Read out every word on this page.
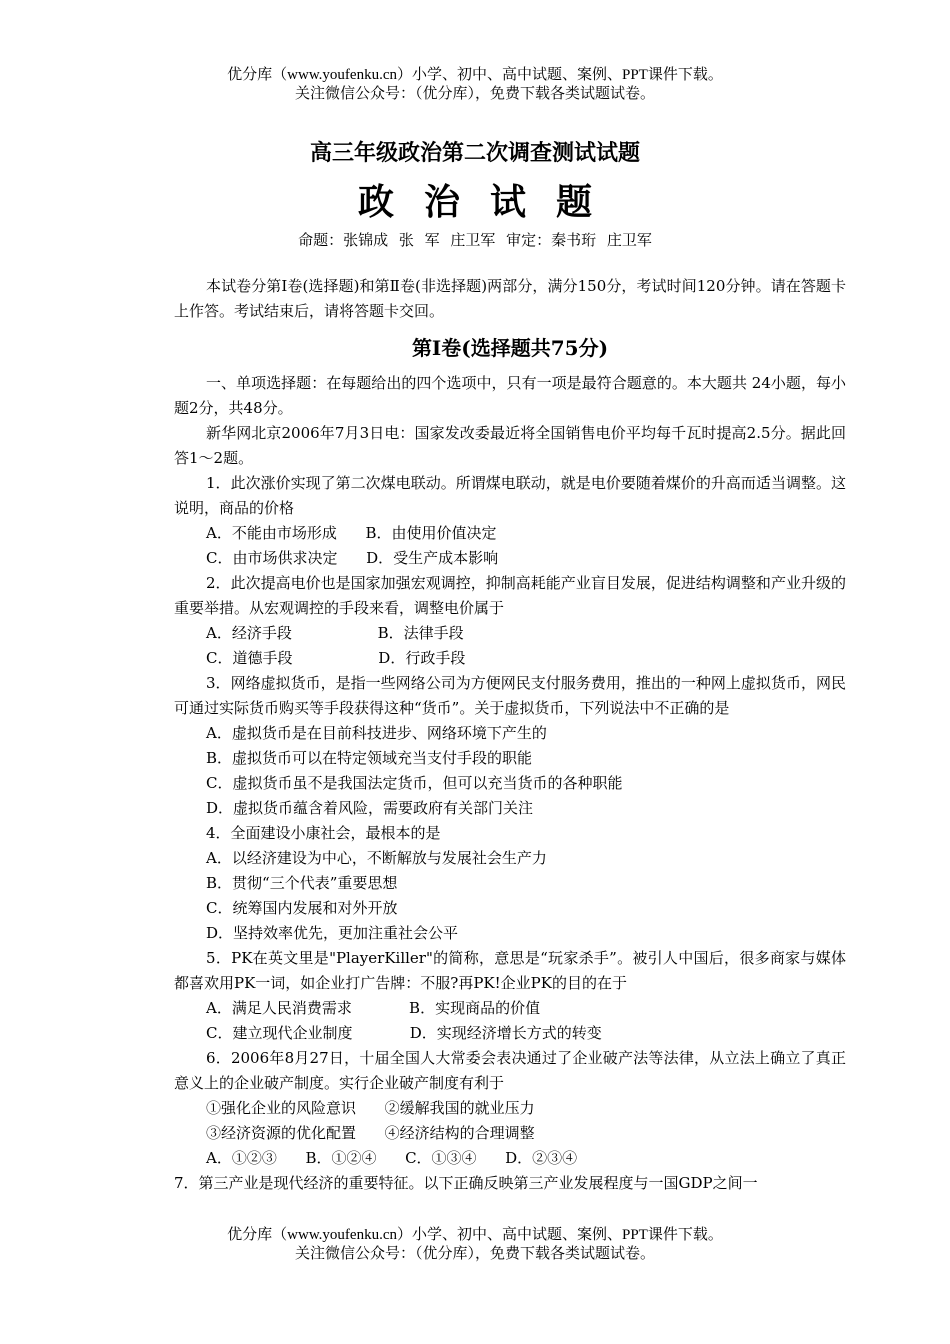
优分库（www.youfenku.cn）小学、初中、高中试题、案例、PPT课件下载。
关注微信公众号：（优分库），免费下载各类试题试卷。
高三年级政治第二次调查测试试题
政治试题
命题：张锦成 张 军 庄卫军 审定：秦书珩 庄卫军

本试卷分第Ⅰ卷(选择题)和第Ⅱ卷(非选择题)两部分，满分150分，考试时间120分钟。请在答题卡上作答。考试结束后，请将答题卡交回。

第Ⅰ卷(选择题共75分)

一、单项选择题：在每题给出的四个选项中，只有一项是最符合题意的。本大题共 24小题，每小题2分，共48分。

新华网北京2006年7月3日电：国家发改委最近将全国销售电价平均每千瓦时提高2.5分。据此回答1～2题。

1．此次涨价实现了第二次煤电联动。所谓煤电联动，就是电价要随着煤价的升高而适当调整。这说明，商品的价格

A．不能由市场形成      B．由使用价值决定

C．由市场供求决定      D．受生产成本影响

2．此次提高电价也是国家加强宏观调控，抑制高耗能产业盲目发展，促进结构调整和产业升级的重要举措。从宏观调控的手段来看，调整电价属于

A．经济手段                  B．法律手段

C．道德手段                  D．行政手段

3．网络虚拟货币，是指一些网络公司为方便网民支付服务费用，推出的一种网上虚拟货币，网民可通过实际货币购买等手段获得这种“货币”。关于虚拟货币，下列说法中不正确的是

A．虚拟货币是在目前科技进步、网络环境下产生的

B．虚拟货币可以在特定领域充当支付手段的职能

C．虚拟货币虽不是我国法定货币，但可以充当货币的各种职能

D．虚拟货币蕴含着风险，需要政府有关部门关注

4．全面建设小康社会，最根本的是

A．以经济建设为中心，不断解放与发展社会生产力

B．贯彻“三个代表”重要思想

C．统筹国内发展和对外开放

D．坚持效率优先，更加注重社会公平

5．PK在英文里是"PlayerKiller"的简称，意思是“玩家杀手”。被引人中国后，很多商家与媒体都喜欢用PK一词，如企业打广告牌：不服?再PK!企业PK的目的在于

A．满足人民消费需求            B．实现商品的价值

C．建立现代企业制度            D．实现经济增长方式的转变

6．2006年8月27日，十届全国人大常委会表决通过了企业破产法等法律，从立法上确立了真正意义上的企业破产制度。实行企业破产制度有利于

①强化企业的风险意识      ②缓解我国的就业压力

③经济资源的优化配置      ④经济结构的合理调整

A．①②③      B．①②④      C．①③④      D．②③④

7．第三产业是现代经济的重要特征。以下正确反映第三产业发展程度与一国GDP之间一

优分库（www.youfenku.cn）小学、初中、高中试题、案例、PPT课件下载。
关注微信公众号：（优分库），免费下载各类试题试卷。
